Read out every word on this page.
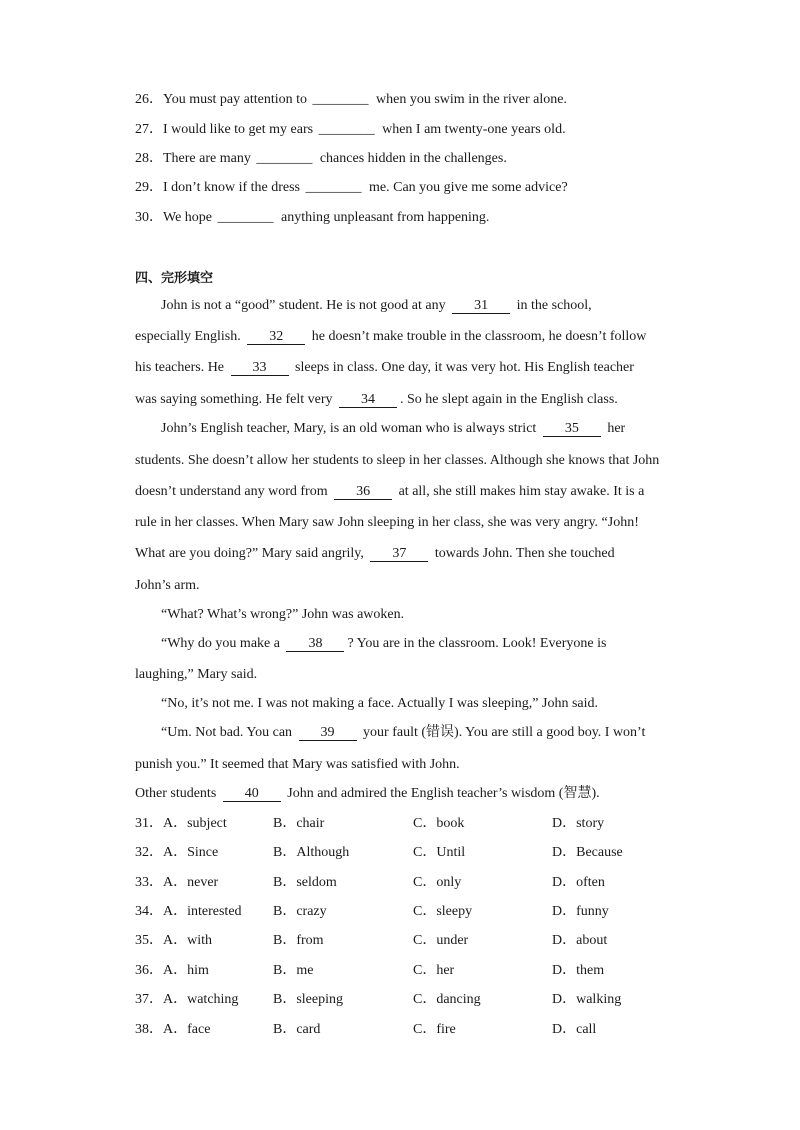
26．You must pay attention to ________ when you swim in the river alone.
27．I would like to get my ears ________ when I am twenty-one years old.
28．There are many ________ chances hidden in the challenges.
29．I don’t know if the dress ________ me. Can you give me some advice?
30．We hope ________ anything unpleasant from happening.
四、完形填空
John is not a “good” student. He is not good at any 31 in the school,
especially English. 32 he doesn’t make trouble in the classroom, he doesn’t follow
his teachers. He 33 sleeps in class. One day, it was very hot. His English teacher
was saying something. He felt very 34 . So he slept again in the English class.
John’s English teacher, Mary, is an old woman who is always strict 35 her
students. She doesn’t allow her students to sleep in her classes. Although she knows that John
doesn’t understand any word from 36 at all, she still makes him stay awake. It is a
rule in her classes. When Mary saw John sleeping in her class, she was very angry. “John!
What are you doing?” Mary said angrily, 37 towards John. Then she touched
John’s arm.
“What? What’s wrong?” John was awoken.
“Why do you make a 38 ? You are in the classroom. Look! Everyone is
laughing,” Mary said.
“No, it’s not me. I was not making a face. Actually I was sleeping,” John said.
“Um. Not bad. You can 39 your fault (错误). You are still a good boy. I won’t
punish you.” It seemed that Mary was satisfied with John.
Other students 40 John and admired the English teacher’s wisdom (智慧).
31．A．subject	B．chair	C．book	D．story
32．A．Since	B．Although	C．Until	D．Because
33．A．never	B．seldom	C．only	D．often
34．A．interested B．crazy	C．sleepy	D．funny
35．A．with	B．from	C．under	D．about
36．A．him	B．me	C．her	D．them
37．A．watching B．sleeping	C．dancing	D．walking
38．A．face	B．card	C．fire	D．call
